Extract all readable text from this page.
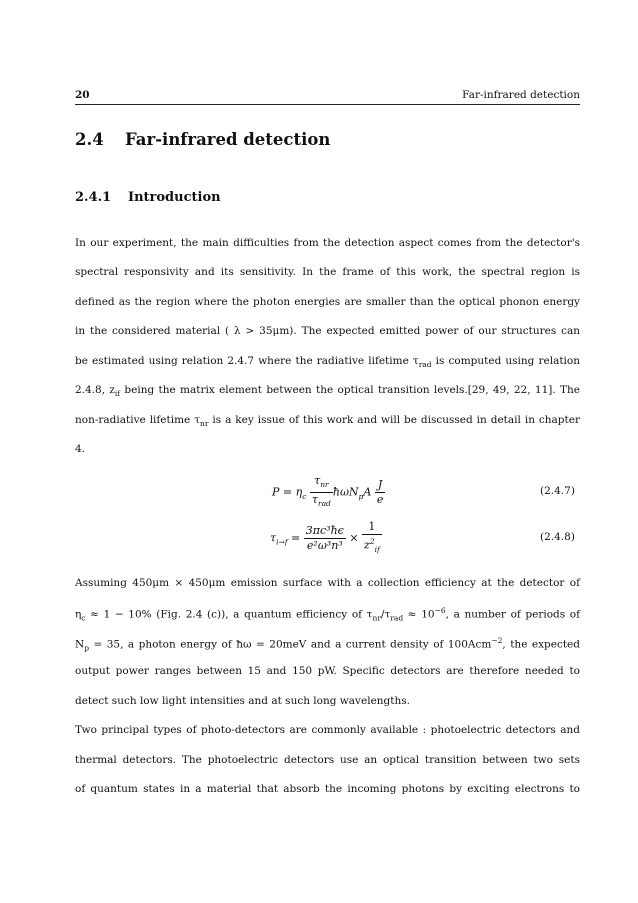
20	Far-infrared detection
2.4 Far-infrared detection
2.4.1 Introduction
In our experiment, the main difficulties from the detection aspect comes from the detector's
spectral responsivity and its sensitivity. In the frame of this work, the spectral region is
defined as the region where the photon energies are smaller than the optical phonon energy
in the considered material ( λ > 35μm). The expected emitted power of our structures can
be estimated using relation 2.4.7 where the radiative lifetime $\tau_{rad}$ is computed using relation
2.4.8, $z_{if}$ being the matrix element between the optical transition levels.[29, 49, 22, 11]. The
non-radiative lifetime $\tau_{nr}$ is a key issue of this work and will be discussed in detail in chapter
4.
$P = \eta_c \frac{\tau_{nr}}{\tau_{rad}}$ ħωN$_p$A $\frac{J}{e}$	(2.4.7)
$\tau_{i\to f} = \frac{\text{3πc³ħϵ}}{\text{e²ω³n³}} \times \frac{1}{z^2_{if}}$	(2.4.8)
Assuming 450μm × 450μm emission surface with a collection efficiency at the detector of
$\eta_c \approx 1 - 10\%$ (Fig. 2.4 (c)), a quantum efficiency of $\tau_{nr}/\tau_{rad} \approx 10^{-6}$, a number of periods of
$N_p = 35$, a photon energy of ħω = 20meV and a current density of 100Acm$^{-2}$, the expected
output power ranges between 15 and 150 pW. Specific detectors are therefore needed to
detect such low light intensities and at such long wavelengths.
Two principal types of photo-detectors are commonly available : photoelectric detectors and
thermal detectors. The photoelectric detectors use an optical transition between two sets
of quantum states in a material that absorb the incoming photons by exciting electrons to
